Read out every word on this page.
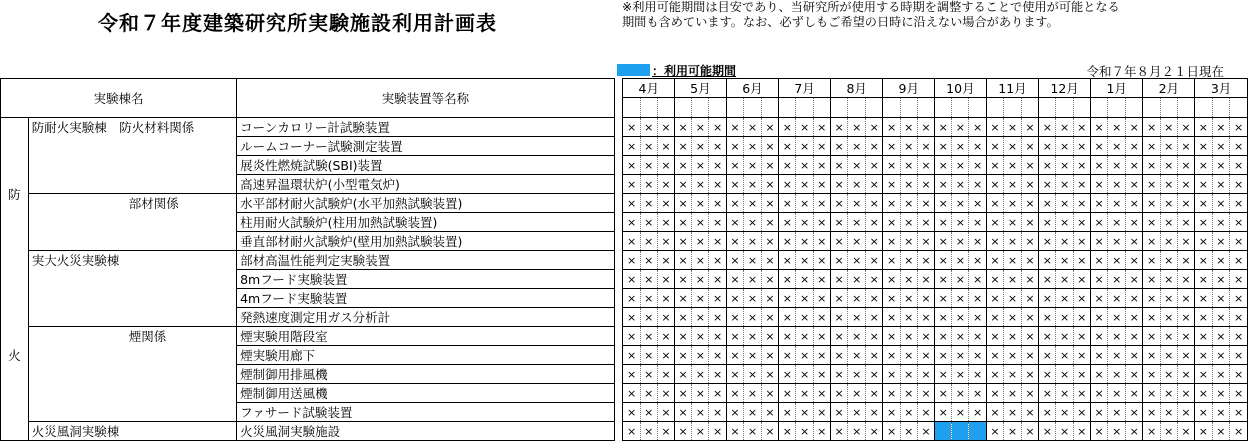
令和７年度建築研究所実験施設利用計画表
※利用可能期間は目安であり、当研究所が使用する時期を調整することで使用が可能となる
期間も含めています。なお、必ずしもご希望の日時に沿えない場合があります。
：利用可能期間	令和７年８月２１日現在
実験棟名		実験装置等名称		4月			5月			6月			7月			8月			9月			10月			11月			12月			1月			2月			3月		

防	防耐火実験棟　防火材料関係	コーンカロリー計試験装置		×	×	×	×	×	×	×	×	×	×	×	×	×	×	×	×	×	×	×	×	×	×	×	×	×	×	×	×	×	×	×	×	×	×	×	×
		ルームコーナー試験測定装置		×	×	×	×	×	×	×	×	×	×	×	×	×	×	×	×	×	×	×	×	×	×	×	×	×	×	×	×	×	×	×	×	×	×	×	×
		展炎性燃焼試験(SBI)装置		×	×	×	×	×	×	×	×	×	×	×	×	×	×	×	×	×	×	×	×	×	×	×	×	×	×	×	×	×	×	×	×	×	×	×	×
		高速昇温環状炉(小型電気炉)		×	×	×	×	×	×	×	×	×	×	×	×	×	×	×	×	×	×	×	×	×	×	×	×	×	×	×	×	×	×	×	×	×	×	×	×
	部材関係	水平部材耐火試験炉(水平加熱試験装置)		×	×	×	×	×	×	×	×	×	×	×	×	×	×	×	×	×	×	×	×	×	×	×	×	×	×	×	×	×	×	×	×	×	×	×	×
		柱用耐火試験炉(柱用加熱試験装置)		×	×	×	×	×	×	×	×	×	×	×	×	×	×	×	×	×	×	×	×	×	×	×	×	×	×	×	×	×	×	×	×	×	×	×	×
		垂直部材耐火試験炉(壁用加熱試験装置)		×	×	×	×	×	×	×	×	×	×	×	×	×	×	×	×	×	×	×	×	×	×	×	×	×	×	×	×	×	×	×	×	×	×	×	×
	実大火災実験棟	部材高温性能判定実験装置		×	×	×	×	×	×	×	×	×	×	×	×	×	×	×	×	×	×	×	×	×	×	×	×	×	×	×	×	×	×	×	×	×	×	×	×
火		8mフード実験装置		×	×	×	×	×	×	×	×	×	×	×	×	×	×	×	×	×	×	×	×	×	×	×	×	×	×	×	×	×	×	×	×	×	×	×	×
		4mフード実験装置		×	×	×	×	×	×	×	×	×	×	×	×	×	×	×	×	×	×	×	×	×	×	×	×	×	×	×	×	×	×	×	×	×	×	×	×
		発熱速度測定用ガス分析計		×	×	×	×	×	×	×	×	×	×	×	×	×	×	×	×	×	×	×	×	×	×	×	×	×	×	×	×	×	×	×	×	×	×	×	×
	煙関係	煙実験用階段室		×	×	×	×	×	×	×	×	×	×	×	×	×	×	×	×	×	×	×	×	×	×	×	×	×	×	×	×	×	×	×	×	×	×	×	×
		煙実験用廊下		×	×	×	×	×	×	×	×	×	×	×	×	×	×	×	×	×	×	×	×	×	×	×	×	×	×	×	×	×	×	×	×	×	×	×	×
		煙制御用排風機		×	×	×	×	×	×	×	×	×	×	×	×	×	×	×	×	×	×	×	×	×	×	×	×	×	×	×	×	×	×	×	×	×	×	×	×
		煙制御用送風機		×	×	×	×	×	×	×	×	×	×	×	×	×	×	×	×	×	×	×	×	×	×	×	×	×	×	×	×	×	×	×	×	×	×	×	×
		ファサード試験装置		×	×	×	×	×	×	×	×	×	×	×	×	×	×	×	×	×	×	×	×	×	×	×	×	×	×	×	×	×	×	×	×	×	×	×	×
	火災風洞実験棟	火災風洞実験施設		×	×	×	×	×	×	×	×	×	×	×	×	×	×	×	×	×	×				×	×	×	×	×	×	×	×	×	×	×	×	×	×	×
